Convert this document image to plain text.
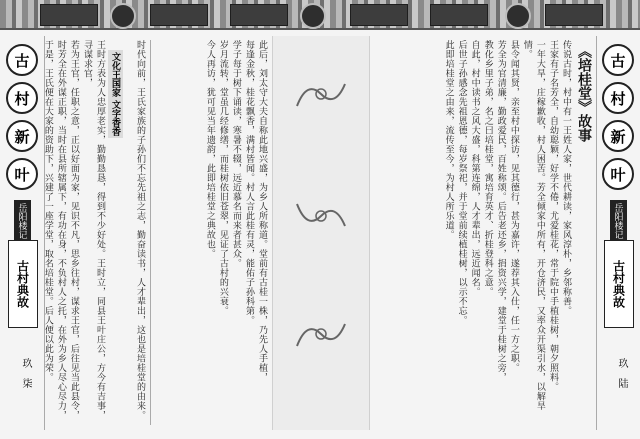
古
村
新
叶
岳阳楼记
古村典故
玖　柒
文化王国家 文字香香
王时方表为人忠厚老实，勤勤恳恳，得到不少好处。王时立，同县王叶庄公，方今有吉事，寻谋求官，
若为王官，任职之意，正以好面为家，见识不凡，思乡往村，谋求王官，后往见当此县令，
时芳全在外谋正职，当时在县所辖属下，有功在身，不负村人之托，在外为乡人尽心尽力，
于是，王氏便在大家的资助下，兴建了一座学堂，取名培桂堂。后人便以此为荣。	时代向前，王氏家族的子孙们不忘先祖之志，勤奋读书，人才辈出，这也是培桂堂的由来。	此后，刘太守大夫自称此地兴盛，为乡人所称道。堂前有古桂一株，乃先人手植，
每逢金秋，桂花飘香，满村皆闻。村人言此桂有灵，能佑子孙科第。
学子每于树下诵读，寒暑不辍，远近慕名而来者甚众。
岁月流转，堂虽几经修缮，而桂树依旧苍翠，见证了古村的兴衰。
今人再访，犹可见当年遗韵，此即培桂堂之典故也。	传说古时，村中有一王姓人家，世代耕读，家风淳朴，乡邻称善。
王家有子名芳全，自幼聪颖，好学不倦，尤爱桂花，常于院中手植桂树，朝夕照料。
一年大旱，庄稼歉收，村人困苦。芳全倾家中所有，开仓济民，又率众开渠引水，以解旱情。
县令闻其贤，亲至村中探访，见其德行，甚为嘉许，遂荐其入仕，任一方之职。
芳全为官清廉，勤政爱民，百姓称颂。后告老还乡，捐资兴学，建堂于桂树之旁，
教化乡里子弟，名之曰培桂堂，寓培育英才、折桂登科之意。
自此，村中读书之风大盛，科第连绵，人才辈出，远近闻名。
后世子孙感念先祖恩德，每岁祭祀，并于堂前续植桂树，以示不忘。
此即培桂堂之由来，流传至今，为村人所乐道。	《培桂堂》故事	古
村
新
叶
岳阳楼记
古村典故
玖　陆
